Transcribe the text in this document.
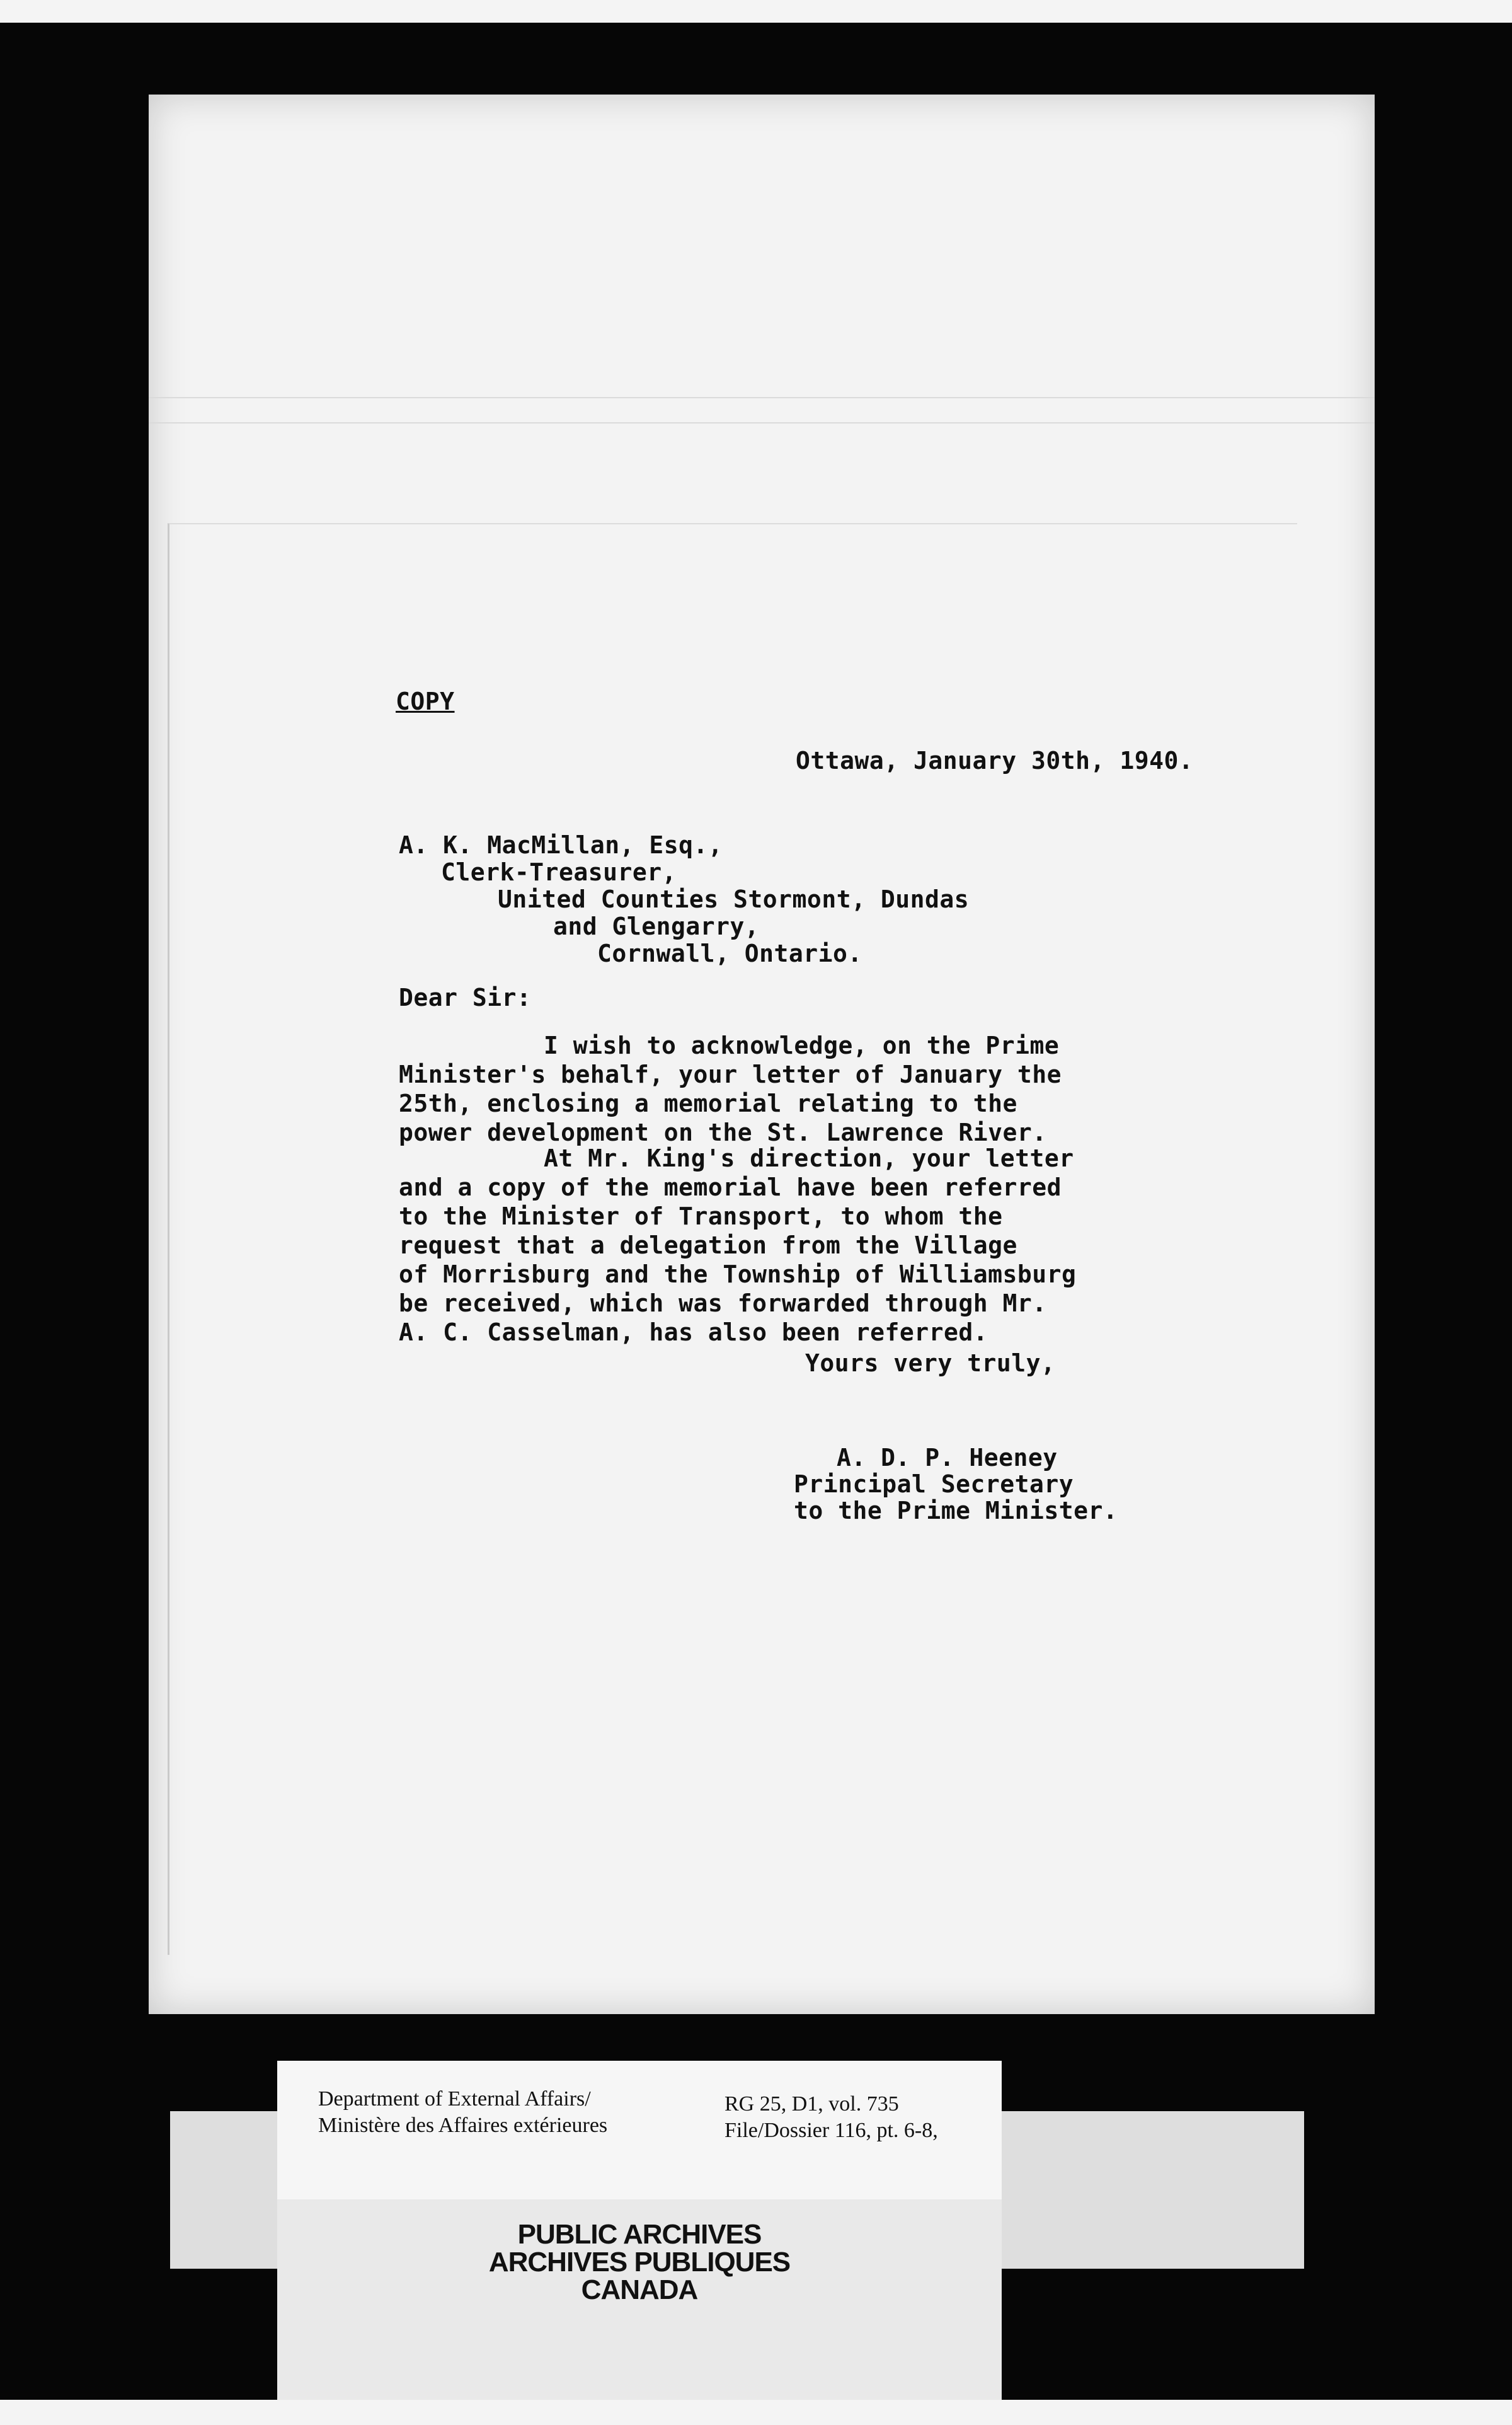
COPY
Ottawa, January 30th, 1940.
A. K. MacMillan, Esq.,
Clerk-Treasurer,
United Counties Stormont, Dundas
and Glengarry,
Cornwall, Ontario.
Dear Sir:
I wish to acknowledge, on the Prime
Minister's behalf, your letter of January the
25th, enclosing a memorial relating to the
power development on the St. Lawrence River.
At Mr. King's direction, your letter
and a copy of the memorial have been referred
to the Minister of Transport, to whom the
request that a delegation from the Village
of Morrisburg and the Township of Williamsburg
be received, which was forwarded through Mr.
A. C. Casselman, has also been referred.
Yours very truly,
A. D. P. Heeney
Principal Secretary
to the Prime Minister.
Department of External Affairs/
Ministère des Affaires extérieures
RG 25, D1, vol. 735
File/Dossier 116, pt. 6-8,
PUBLIC ARCHIVES
ARCHIVES PUBLIQUES
CANADA
